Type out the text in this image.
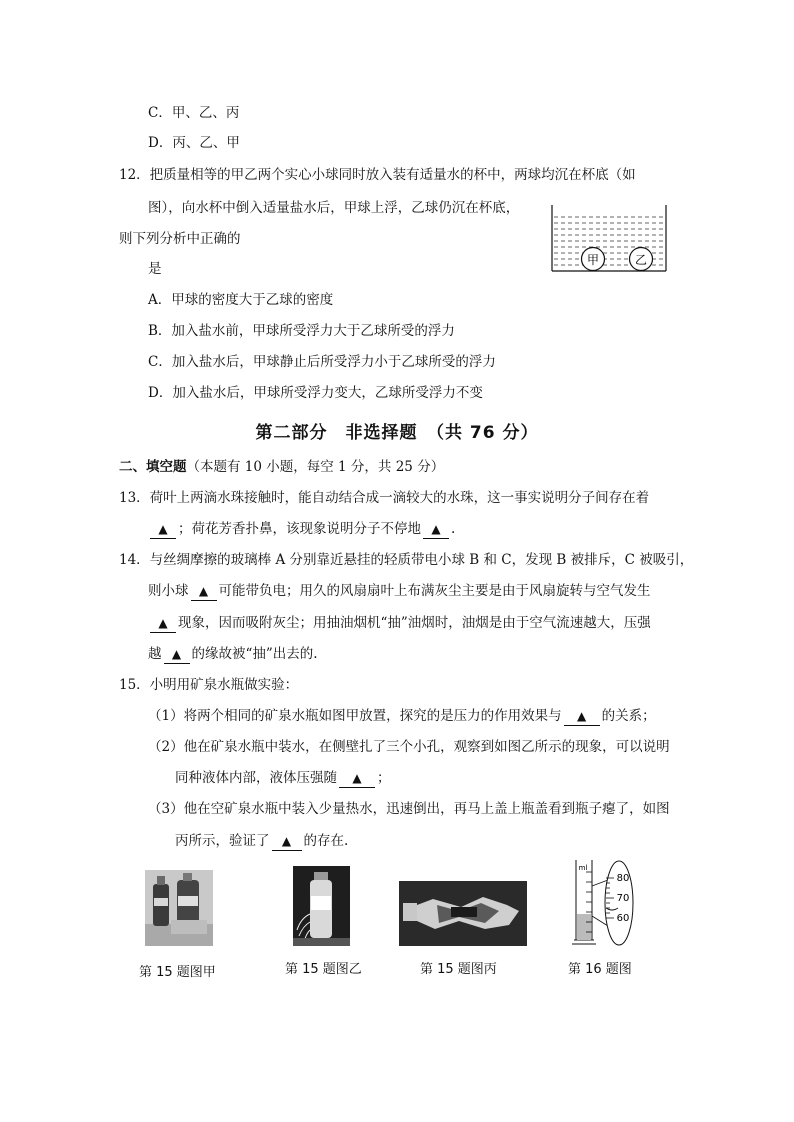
C．甲、乙、丙
D．丙、乙、甲
12．把质量相等的甲乙两个实心小球同时放入装有适量水的杯中，两球均沉在杯底（如
图），向水杯中倒入适量盐水后，甲球上浮，乙球仍沉在杯底，
则下列分析中正确的
是
A．甲球的密度大于乙球的密度
B．加入盐水前，甲球所受浮力大于乙球所受的浮力
C．加入盐水后，甲球静止后所受浮力小于乙球所受的浮力
D．加入盐水后，甲球所受浮力变大，乙球所受浮力不变
甲	乙
第二部分　非选择题　（共 76 分）
二、填空题（本题有 10 小题，每空 1 分，共 25 分）
13．荷叶上两滴水珠接触时，能自动结合成一滴较大的水珠，这一事实说明分子间存在着
▲ ；荷花芳香扑鼻，该现象说明分子不停地 ▲ .
14．与丝绸摩擦的玻璃棒 A 分别靠近悬挂的轻质带电小球 B 和 C，发现 B 被排斥，C 被吸引，
则小球 ▲ 可能带负电；用久的风扇扇叶上布满灰尘主要是由于风扇旋转与空气发生
▲ 现象，因而吸附灰尘；用抽油烟机“抽”油烟时，油烟是由于空气流速越大，压强
越 ▲ 的缘故被“抽”出去的.
15．小明用矿泉水瓶做实验：
（1）将两个相同的矿泉水瓶如图甲放置，探究的是压力的作用效果与 ▲ 的关系；
（2）他在矿泉水瓶中装水，在侧壁扎了三个小孔，观察到如图乙所示的现象，可以说明
同种液体内部，液体压强随 ▲ ；
（3）他在空矿泉水瓶中装入少量热水，迅速倒出，再马上盖上瓶盖看到瓶子瘪了，如图
丙所示，验证了 ▲ 的存在.
第 15 题图甲	第 15 题图乙	第 15 题图丙
ml
80
70
60
第 16 题图
